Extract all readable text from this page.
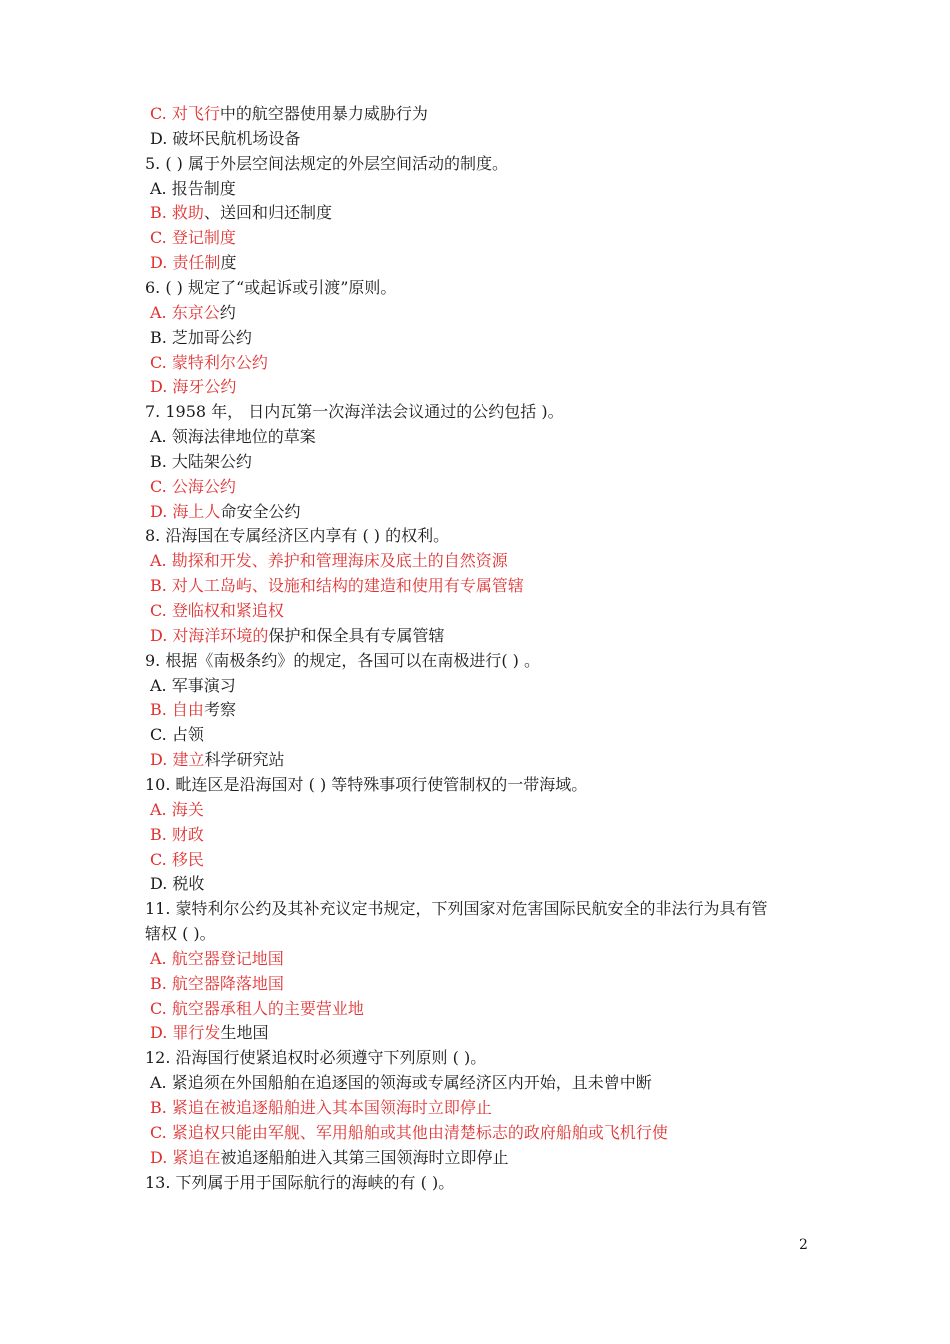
C. 对飞行中的航空器使用暴力威胁行为
D. 破坏民航机场设备
5. ( ) 属于外层空间法规定的外层空间活动的制度。
A. 报告制度
B. 救助、送回和归还制度
C. 登记制度
D. 责任制度
6. ( ) 规定了“或起诉或引渡”原则。
A. 东京公约
B. 芝加哥公约
C. 蒙特利尔公约
D. 海牙公约
7. 1958 年， 日内瓦第一次海洋法会议通过的公约包括 )。
A. 领海法律地位的草案
B. 大陆架公约
C. 公海公约
D. 海上人命安全公约
8. 沿海国在专属经济区内享有 ( ) 的权利。
A. 勘探和开发、养护和管理海床及底土的自然资源
B. 对人工岛屿、设施和结构的建造和使用有专属管辖
C. 登临权和紧追权
D. 对海洋环境的保护和保全具有专属管辖
9. 根据《南极条约》的规定，各国可以在南极进行( ) 。
A. 军事演习
B. 自由考察
C. 占领
D. 建立科学研究站
10. 毗连区是沿海国对 ( ) 等特殊事项行使管制权的一带海域。
A. 海关
B. 财政
C. 移民
D. 税收
11. 蒙特利尔公约及其补充议定书规定，下列国家对危害国际民航安全的非法行为具有管
辖权 ( )。
A. 航空器登记地国
B. 航空器降落地国
C. 航空器承租人的主要营业地
D. 罪行发生地国
12. 沿海国行使紧追权时必须遵守下列原则 ( )。
A. 紧追须在外国船舶在追逐国的领海或专属经济区内开始，且未曾中断
B. 紧追在被追逐船舶进入其本国领海时立即停止
C. 紧追权只能由军舰、军用船舶或其他由清楚标志的政府船舶或飞机行使
D. 紧追在被追逐船舶进入其第三国领海时立即停止
13. 下列属于用于国际航行的海峡的有 ( )。
2
